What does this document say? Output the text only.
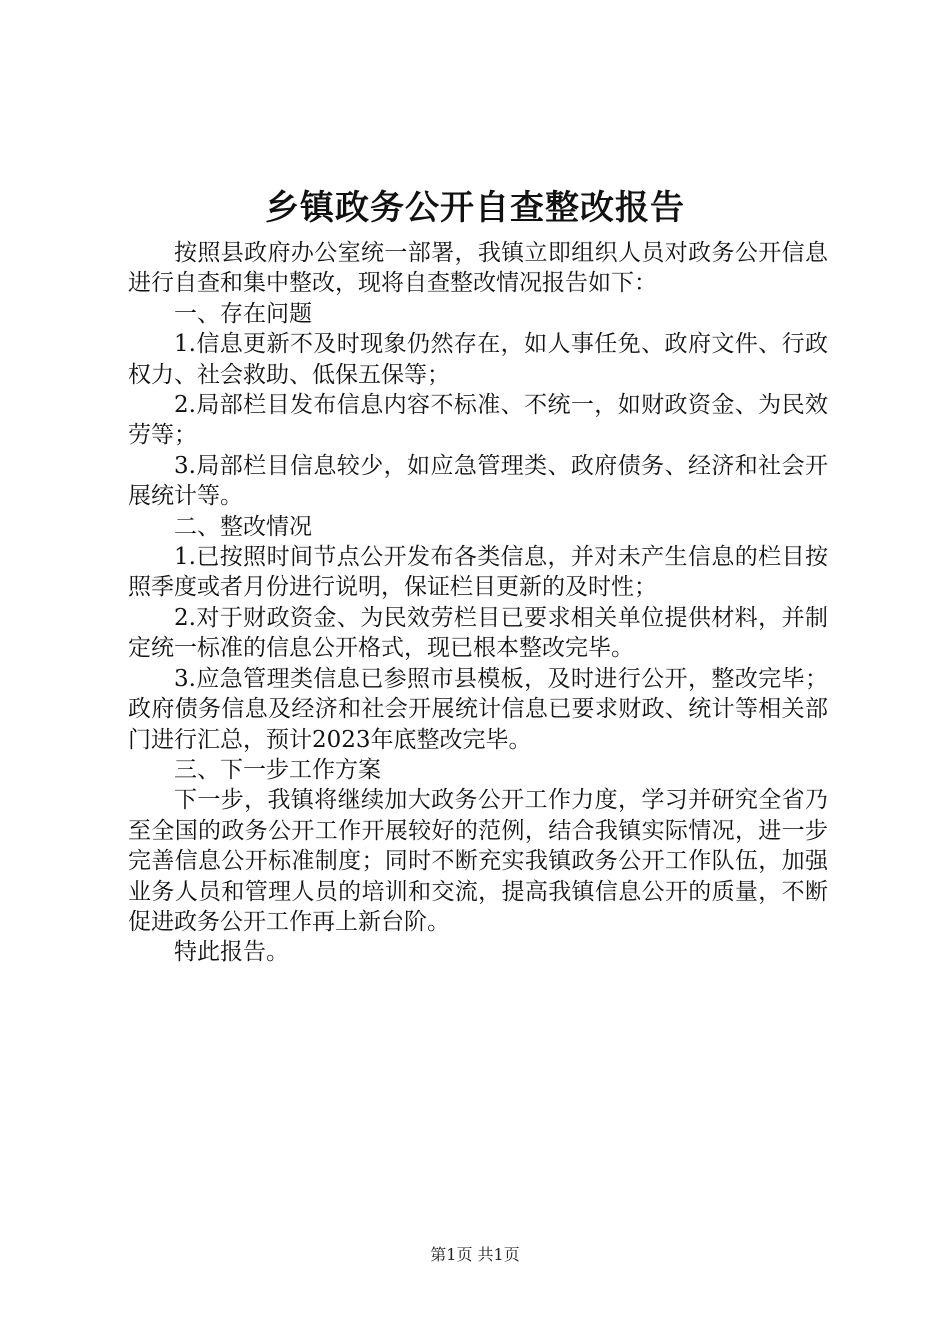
乡镇政务公开自查整改报告

按照县政府办公室统一部署，我镇立即组织人员对政务公开信息进行自查和集中整改，现将自查整改情况报告如下：

一、存在问题

1.信息更新不及时现象仍然存在，如人事任免、政府文件、行政权力、社会救助、低保五保等；

2.局部栏目发布信息内容不标准、不统一，如财政资金、为民效劳等；

3.局部栏目信息较少，如应急管理类、政府债务、经济和社会开展统计等。

二、整改情况

1.已按照时间节点公开发布各类信息，并对未产生信息的栏目按照季度或者月份进行说明，保证栏目更新的及时性；

2.对于财政资金、为民效劳栏目已要求相关单位提供材料，并制定统一标准的信息公开格式，现已根本整改完毕。

3.应急管理类信息已参照市县模板，及时进行公开，整改完毕；政府债务信息及经济和社会开展统计信息已要求财政、统计等相关部门进行汇总，预计2023年底整改完毕。

三、下一步工作方案

下一步，我镇将继续加大政务公开工作力度，学习并研究全省乃至全国的政务公开工作开展较好的范例，结合我镇实际情况，进一步完善信息公开标准制度；同时不断充实我镇政务公开工作队伍，加强业务人员和管理人员的培训和交流，提高我镇信息公开的质量，不断促进政务公开工作再上新台阶。

特此报告。

第1页 共1页
